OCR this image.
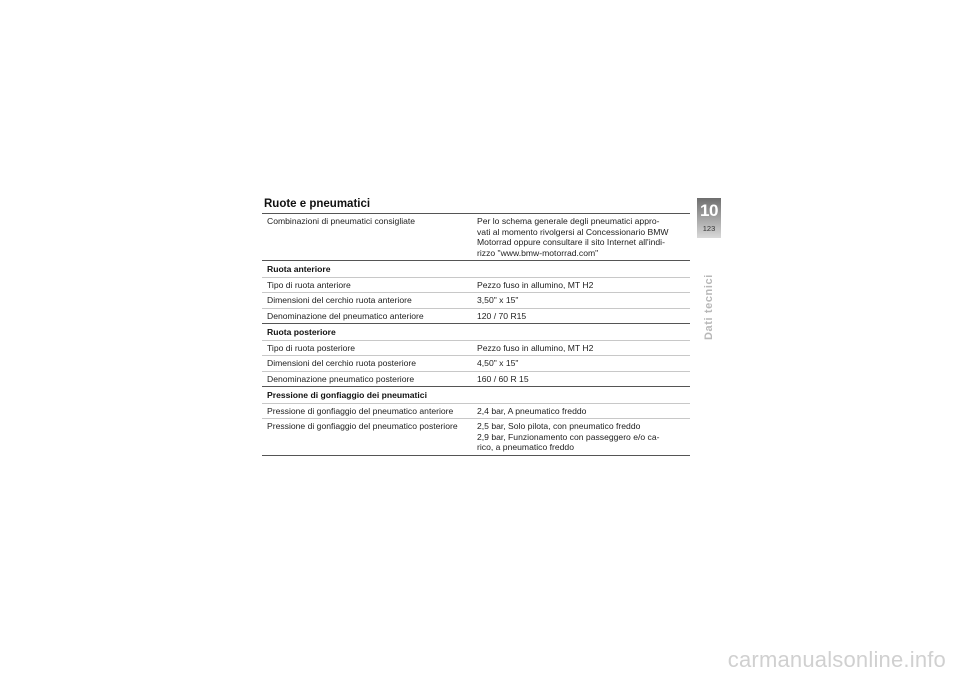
Ruote e pneumatici
Combinazioni di pneumatici consigliate	Per lo schema generale degli pneumatici appro-
vati al momento rivolgersi al Concessionario BMW
Motorrad oppure consultare il sito Internet all'indi-
rizzo "www.bmw-motorrad.com"
Ruota anteriore
Tipo di ruota anteriore	Pezzo fuso in allumino, MT H2
Dimensioni del cerchio ruota anteriore	3,50" x 15"
Denominazione del pneumatico anteriore	120 / 70 R15
Ruota posteriore
Tipo di ruota posteriore	Pezzo fuso in allumino, MT H2
Dimensioni del cerchio ruota posteriore	4,50" x 15"
Denominazione pneumatico posteriore	160 / 60 R 15
Pressione di gonfiaggio dei pneumatici
Pressione di gonfiaggio del pneumatico anteriore	2,4 bar, A pneumatico freddo
Pressione di gonfiaggio del pneumatico posteriore	2,5 bar, Solo pilota, con pneumatico freddo
2,9 bar, Funzionamento con passeggero e/o ca-
rico, a pneumatico freddo
10
123
Dati tecnici
carmanualsonline.info
